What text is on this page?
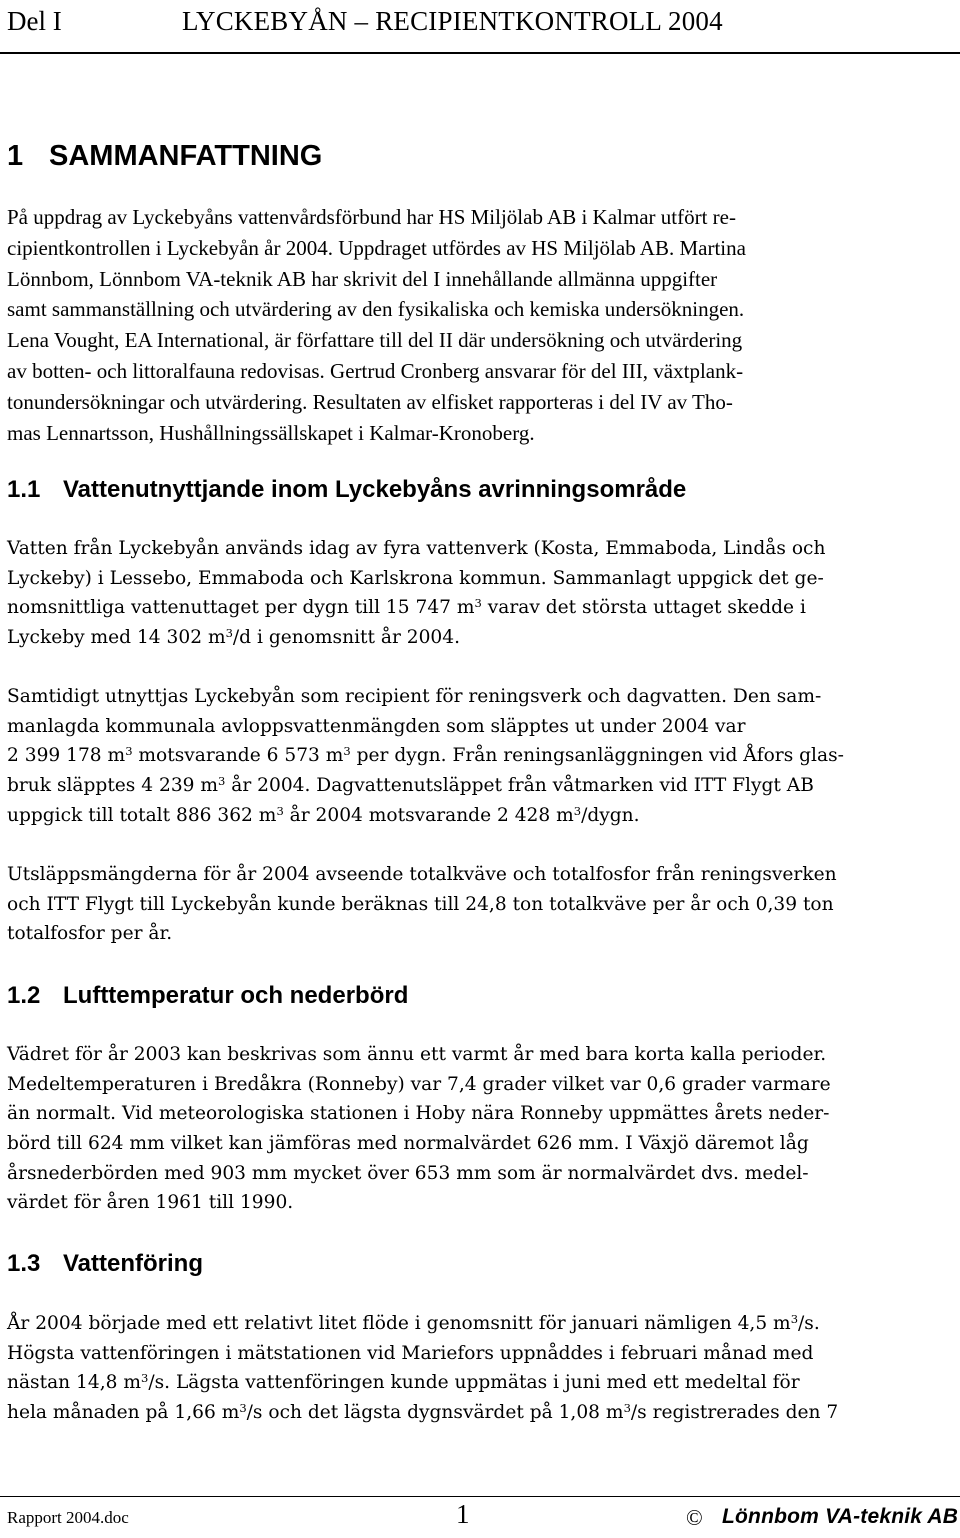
Del I	LYCKEBYÅN – RECIPIENTKONTROLL 2004
1 SAMMANFATTNING
På uppdrag av Lyckebyåns vattenvårdsförbund har HS Miljölab AB i Kalmar utfört re-
cipientkontrollen i Lyckebyån år 2004. Uppdraget utfördes av HS Miljölab AB. Martina
Lönnbom, Lönnbom VA-teknik AB har skrivit del I innehållande allmänna uppgifter
samt sammanställning och utvärdering av den fysikaliska och kemiska undersökningen.
Lena Vought, EA International, är författare till del II där undersökning och utvärdering
av botten- och littoralfauna redovisas. Gertrud Cronberg ansvarar för del III, växtplank-
tonundersökningar och utvärdering. Resultaten av elfisket rapporteras i del IV av Tho-
mas Lennartsson, Hushållningssällskapet i Kalmar-Kronoberg.
1.1 Vattenutnyttjande inom Lyckebyåns avrinningsområde
Vatten från Lyckebyån används idag av fyra vattenverk (Kosta, Emmaboda, Lindås och
Lyckeby) i Lessebo, Emmaboda och Karlskrona kommun. Sammanlagt uppgick det ge-
nomsnittliga vattenuttaget per dygn till 15 747 $m^3$ varav det största uttaget skedde i
Lyckeby med 14 302 $m^3/d$ i genomsnitt år 2004.
Samtidigt utnyttjas Lyckebyån som recipient för reningsverk och dagvatten. Den sam-
manlagda kommunala avloppsvattenmängden som släpptes ut under 2004 var
2 399 178 $m^3$ motsvarande 6 573 $m^3$ per dygn. Från reningsanläggningen vid Åfors glas-
bruk släpptes 4 239 $m^3$ år 2004. Dagvattenutsläppet från våtmarken vid ITT Flygt AB
uppgick till totalt 886 362 $m^3$ år 2004 motsvarande 2 428 $m^3$/dygn.
Utsläppsmängderna för år 2004 avseende totalkväve och totalfosfor från reningsverken
och ITT Flygt till Lyckebyån kunde beräknas till 24,8 ton totalkväve per år och 0,39 ton
totalfosfor per år.
1.2 Lufttemperatur och nederbörd
Vädret för år 2003 kan beskrivas som ännu ett varmt år med bara korta kalla perioder.
Medeltemperaturen i Bredåkra (Ronneby) var 7,4 grader vilket var 0,6 grader varmare
än normalt. Vid meteorologiska stationen i Hoby nära Ronneby uppmättes årets neder-
börd till 624 mm vilket kan jämföras med normalvärdet 626 mm. I Växjö däremot låg
årsnederbörden med 903 mm mycket över 653 mm som är normalvärdet dvs. medel-
värdet för åren 1961 till 1990.
1.3 Vattenföring
År 2004 började med ett relativt litet flöde i genomsnitt för januari nämligen 4,5 $m^3/s$.
Högsta vattenföringen i mätstationen vid Mariefors uppnåddes i februari månad med
nästan 14,8 $m^3/s$. Lägsta vattenföringen kunde uppmätas i juni med ett medeltal för
hela månaden på 1,66 $m^3/s$ och det lägsta dygnsvärdet på 1,08 $m^3/s$ registrerades den 7
Rapport 2004.doc	1	© Lönnbom VA-teknik AB
